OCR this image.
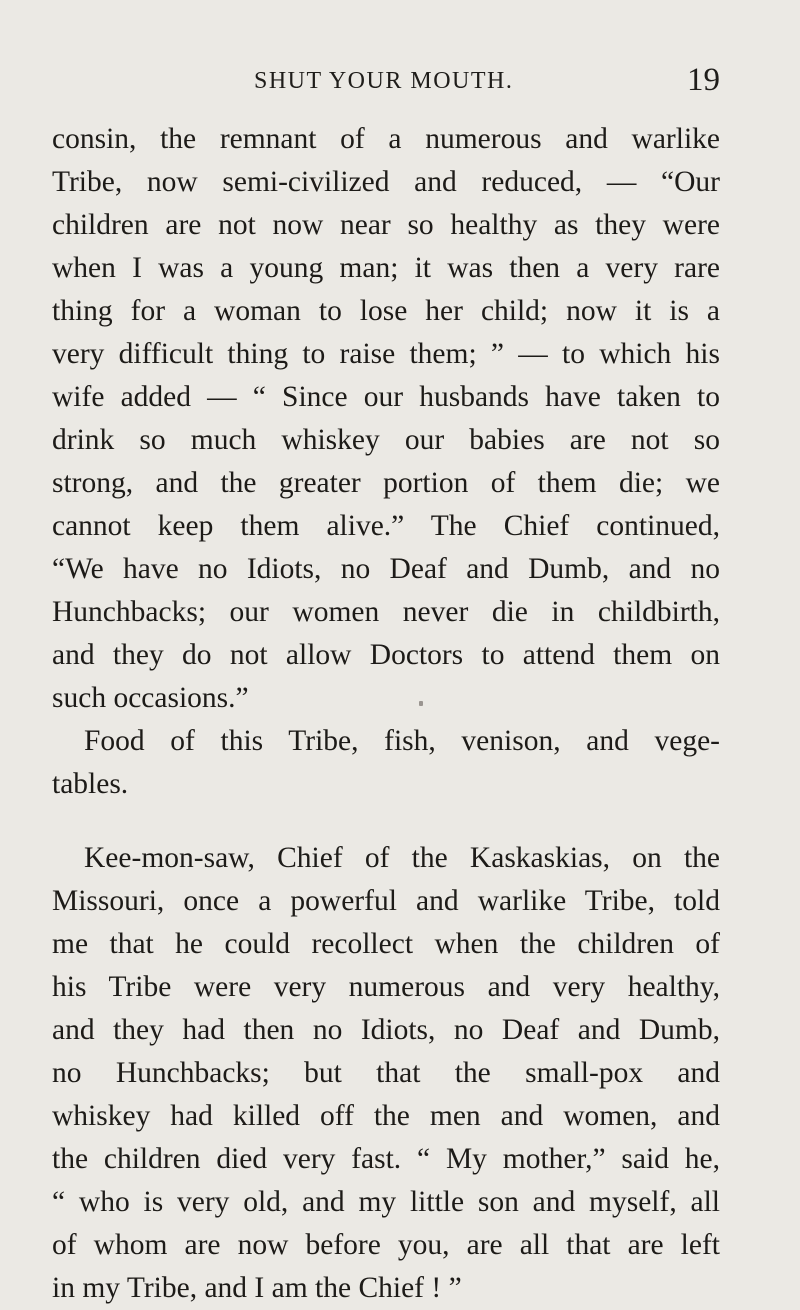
SHUT YOUR MOUTH.	19
consin, the remnant of a numerous and warlike
Tribe, now semi-civilized and reduced, — “Our
children are not now near so healthy as they were
when I was a young man; it was then a very rare
thing for a woman to lose her child; now it is a
very difficult thing to raise them; ” — to which his
wife added — “ Since our husbands have taken to
drink so much whiskey our babies are not so
strong, and the greater portion of them die; we
cannot keep them alive.” The Chief continued,
“We have no Idiots, no Deaf and Dumb, and no
Hunchbacks; our women never die in childbirth,
and they do not allow Doctors to attend them on
such occasions.”
Food of this Tribe, fish, venison, and vege-
tables.
Kee-mon-saw, Chief of the Kaskaskias, on the
Missouri, once a powerful and warlike Tribe, told
me that he could recollect when the children of
his Tribe were very numerous and very healthy,
and they had then no Idiots, no Deaf and Dumb,
no Hunchbacks; but that the small-pox and
whiskey had killed off the men and women, and
the children died very fast. “ My mother,” said he,
“ who is very old, and my little son and myself, all
of whom are now before you, are all that are left
in my Tribe, and I am the Chief ! ”
